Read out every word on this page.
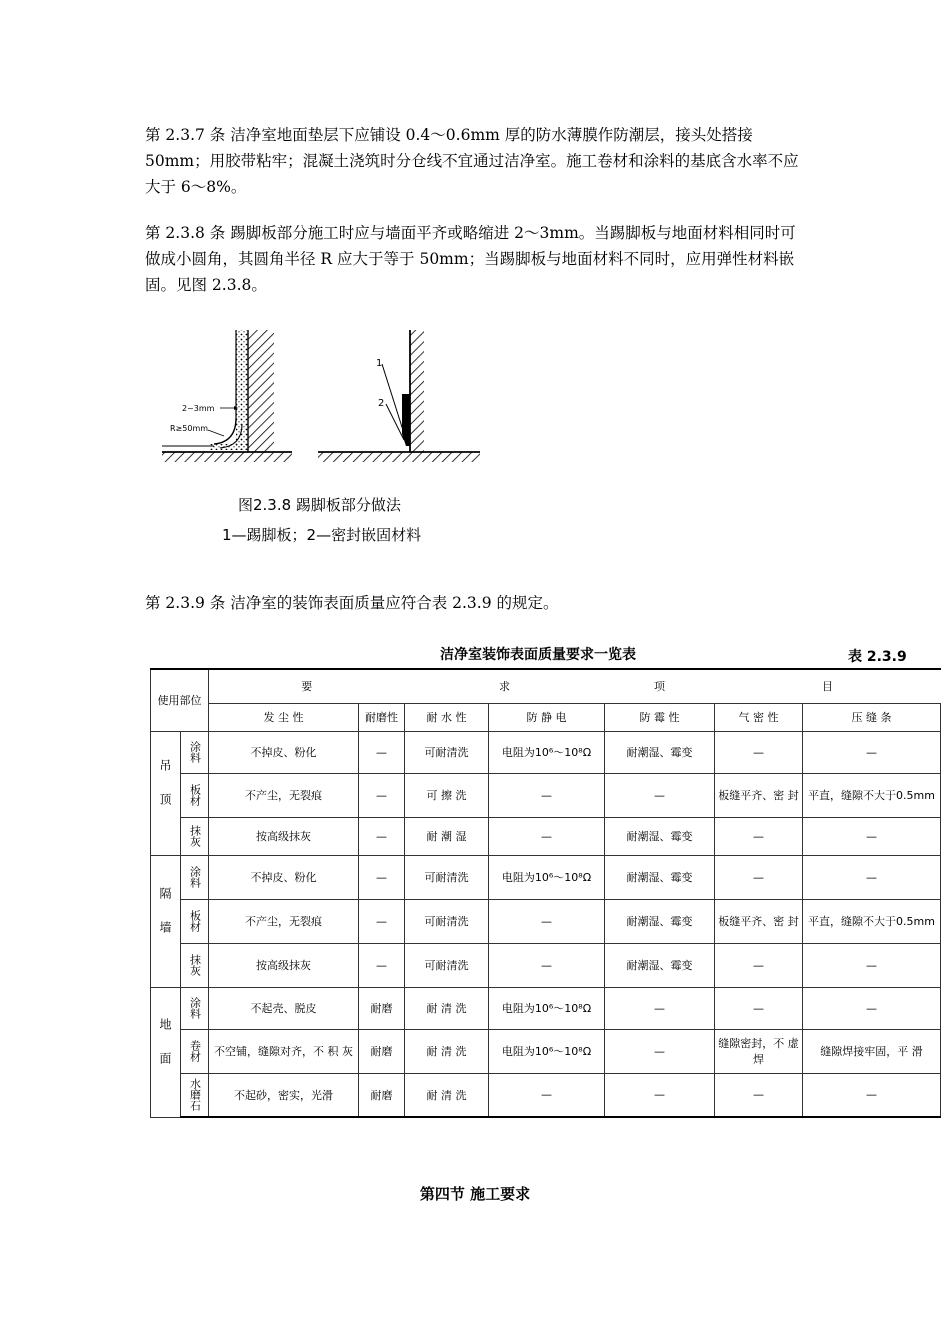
第 2.3.7 条 洁净室地面垫层下应铺设 0.4～0.6mm 厚的防水薄膜作防潮层，接头处搭接 50mm；用胶带粘牢；混凝土浇筑时分仓线不宜通过洁净室。施工卷材和涂料的基底含水率不应大于 6～8%。

第 2.3.8 条 踢脚板部分施工时应与墙面平齐或略缩进 2～3mm。当踢脚板与地面材料相同时可做成小圆角，其圆角半径 R 应大于等于 50mm；当踢脚板与地面材料不同时，应用弹性材料嵌固。见图 2.3.8。

2~3mm
R≥50mm
1
2
图2.3.8 踢脚板部分做法
1—踢脚板；2—密封嵌固材料

第 2.3.9 条 洁净室的装饰表面质量应符合表 2.3.9 的规定。

洁净室装饰表面质量要求一览表	表 2.3.9
使用部位		要		求		项	目	
		发 尘 性	耐磨性	耐 水 性	防 静 电	防 霉 性	气 密 性	压 缝 条
吊顶	涂料	不掉皮、粉化	—	可耐清洗	电阻为10⁶～10⁸Ω	耐潮湿、霉变	—	—
	板材	不产尘，无裂痕	—	可 擦 洗	—	—	板缝平齐、密 封	平直，缝隙不大于0.5mm
	抹灰	按高级抹灰	—	耐 潮 湿	—	耐潮湿、霉变	—	—
隔墙	涂料	不掉皮、粉化	—	可耐清洗	电阻为10⁶～10⁸Ω	耐潮湿、霉变	—	—
	板材	不产尘，无裂痕	—	可耐清洗	—	耐潮湿、霉变	板缝平齐、密 封	平直，缝隙不大于0.5mm
	抹灰	按高级抹灰	—	可耐清洗	—	耐潮湿、霉变	—	—
地面	涂料	不起壳、脱皮	耐磨	耐 清 洗	电阻为10⁶～10⁸Ω	—	—	—
	卷材	不空铺，缝隙对齐，不 积 灰	耐磨	耐 清 洗	电阻为10⁶～10⁸Ω	—	缝隙密封，不 虚 焊	缝隙焊接牢固，平 滑
	水磨石	不起砂，密实，光滑	耐磨	耐 清 洗	—	—	—	—
第四节 施工要求
